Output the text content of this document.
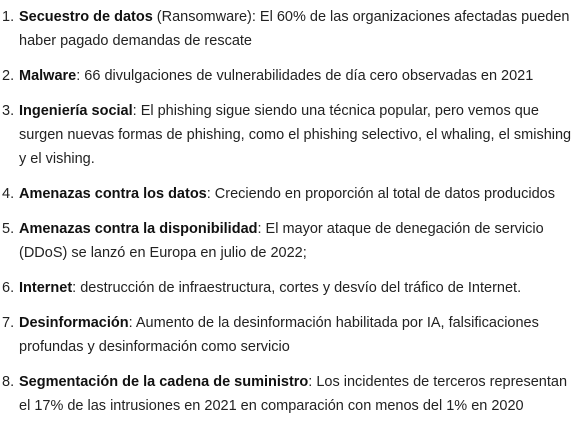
1. Secuestro de datos (Ransomware): El 60% de las organizaciones afectadas pueden haber pagado demandas de rescate
2. Malware: 66 divulgaciones de vulnerabilidades de día cero observadas en 2021
3. Ingeniería social: El phishing sigue siendo una técnica popular, pero vemos que surgen nuevas formas de phishing, como el phishing selectivo, el whaling, el smishing y el vishing.
4. Amenazas contra los datos: Creciendo en proporción al total de datos producidos
5. Amenazas contra la disponibilidad: El mayor ataque de denegación de servicio (DDoS) se lanzó en Europa en julio de 2022;
6. Internet: destrucción de infraestructura, cortes y desvío del tráfico de Internet.
7. Desinformación: Aumento de la desinformación habilitada por IA, falsificaciones profundas y desinformación como servicio
8. Segmentación de la cadena de suministro: Los incidentes de terceros representan el 17% de las intrusiones en 2021 en comparación con menos del 1% en 2020
